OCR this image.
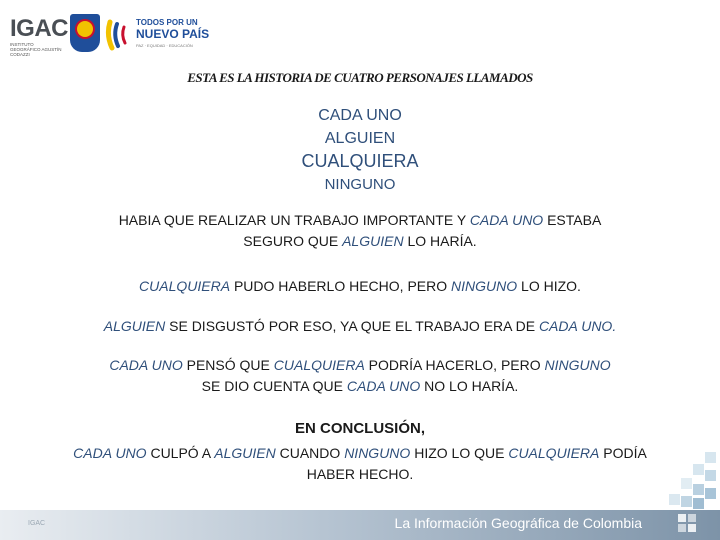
IGAC
INSTITUTO GEOGRÁFICO AGUSTÍN CODAZZI
TODOS POR UN
NUEVO PAÍS
PAZ · EQUIDAD · EDUCACIÓN
ESTA ES LA HISTORIA DE CUATRO PERSONAJES LLAMADOS
CADA UNO
ALGUIEN
CUALQUIERA
NINGUNO
HABIA QUE REALIZAR UN TRABAJO IMPORTANTE Y CADA UNO ESTABA
SEGURO QUE ALGUIEN LO HARÍA.
CUALQUIERA PUDO HABERLO HECHO, PERO NINGUNO LO HIZO.
ALGUIEN SE DISGUSTÓ POR ESO, YA QUE EL TRABAJO ERA DE CADA UNO.
CADA UNO PENSÓ QUE CUALQUIERA PODRÍA HACERLO, PERO NINGUNO
SE DIO CUENTA QUE CADA UNO NO LO HARÍA.
EN CONCLUSIÓN,
CADA UNO CULPÓ A ALGUIEN CUANDO NINGUNO HIZO LO QUE CUALQUIERA PODÍA
HABER HECHO.
IGAC	La Información Geográfica de Colombia
